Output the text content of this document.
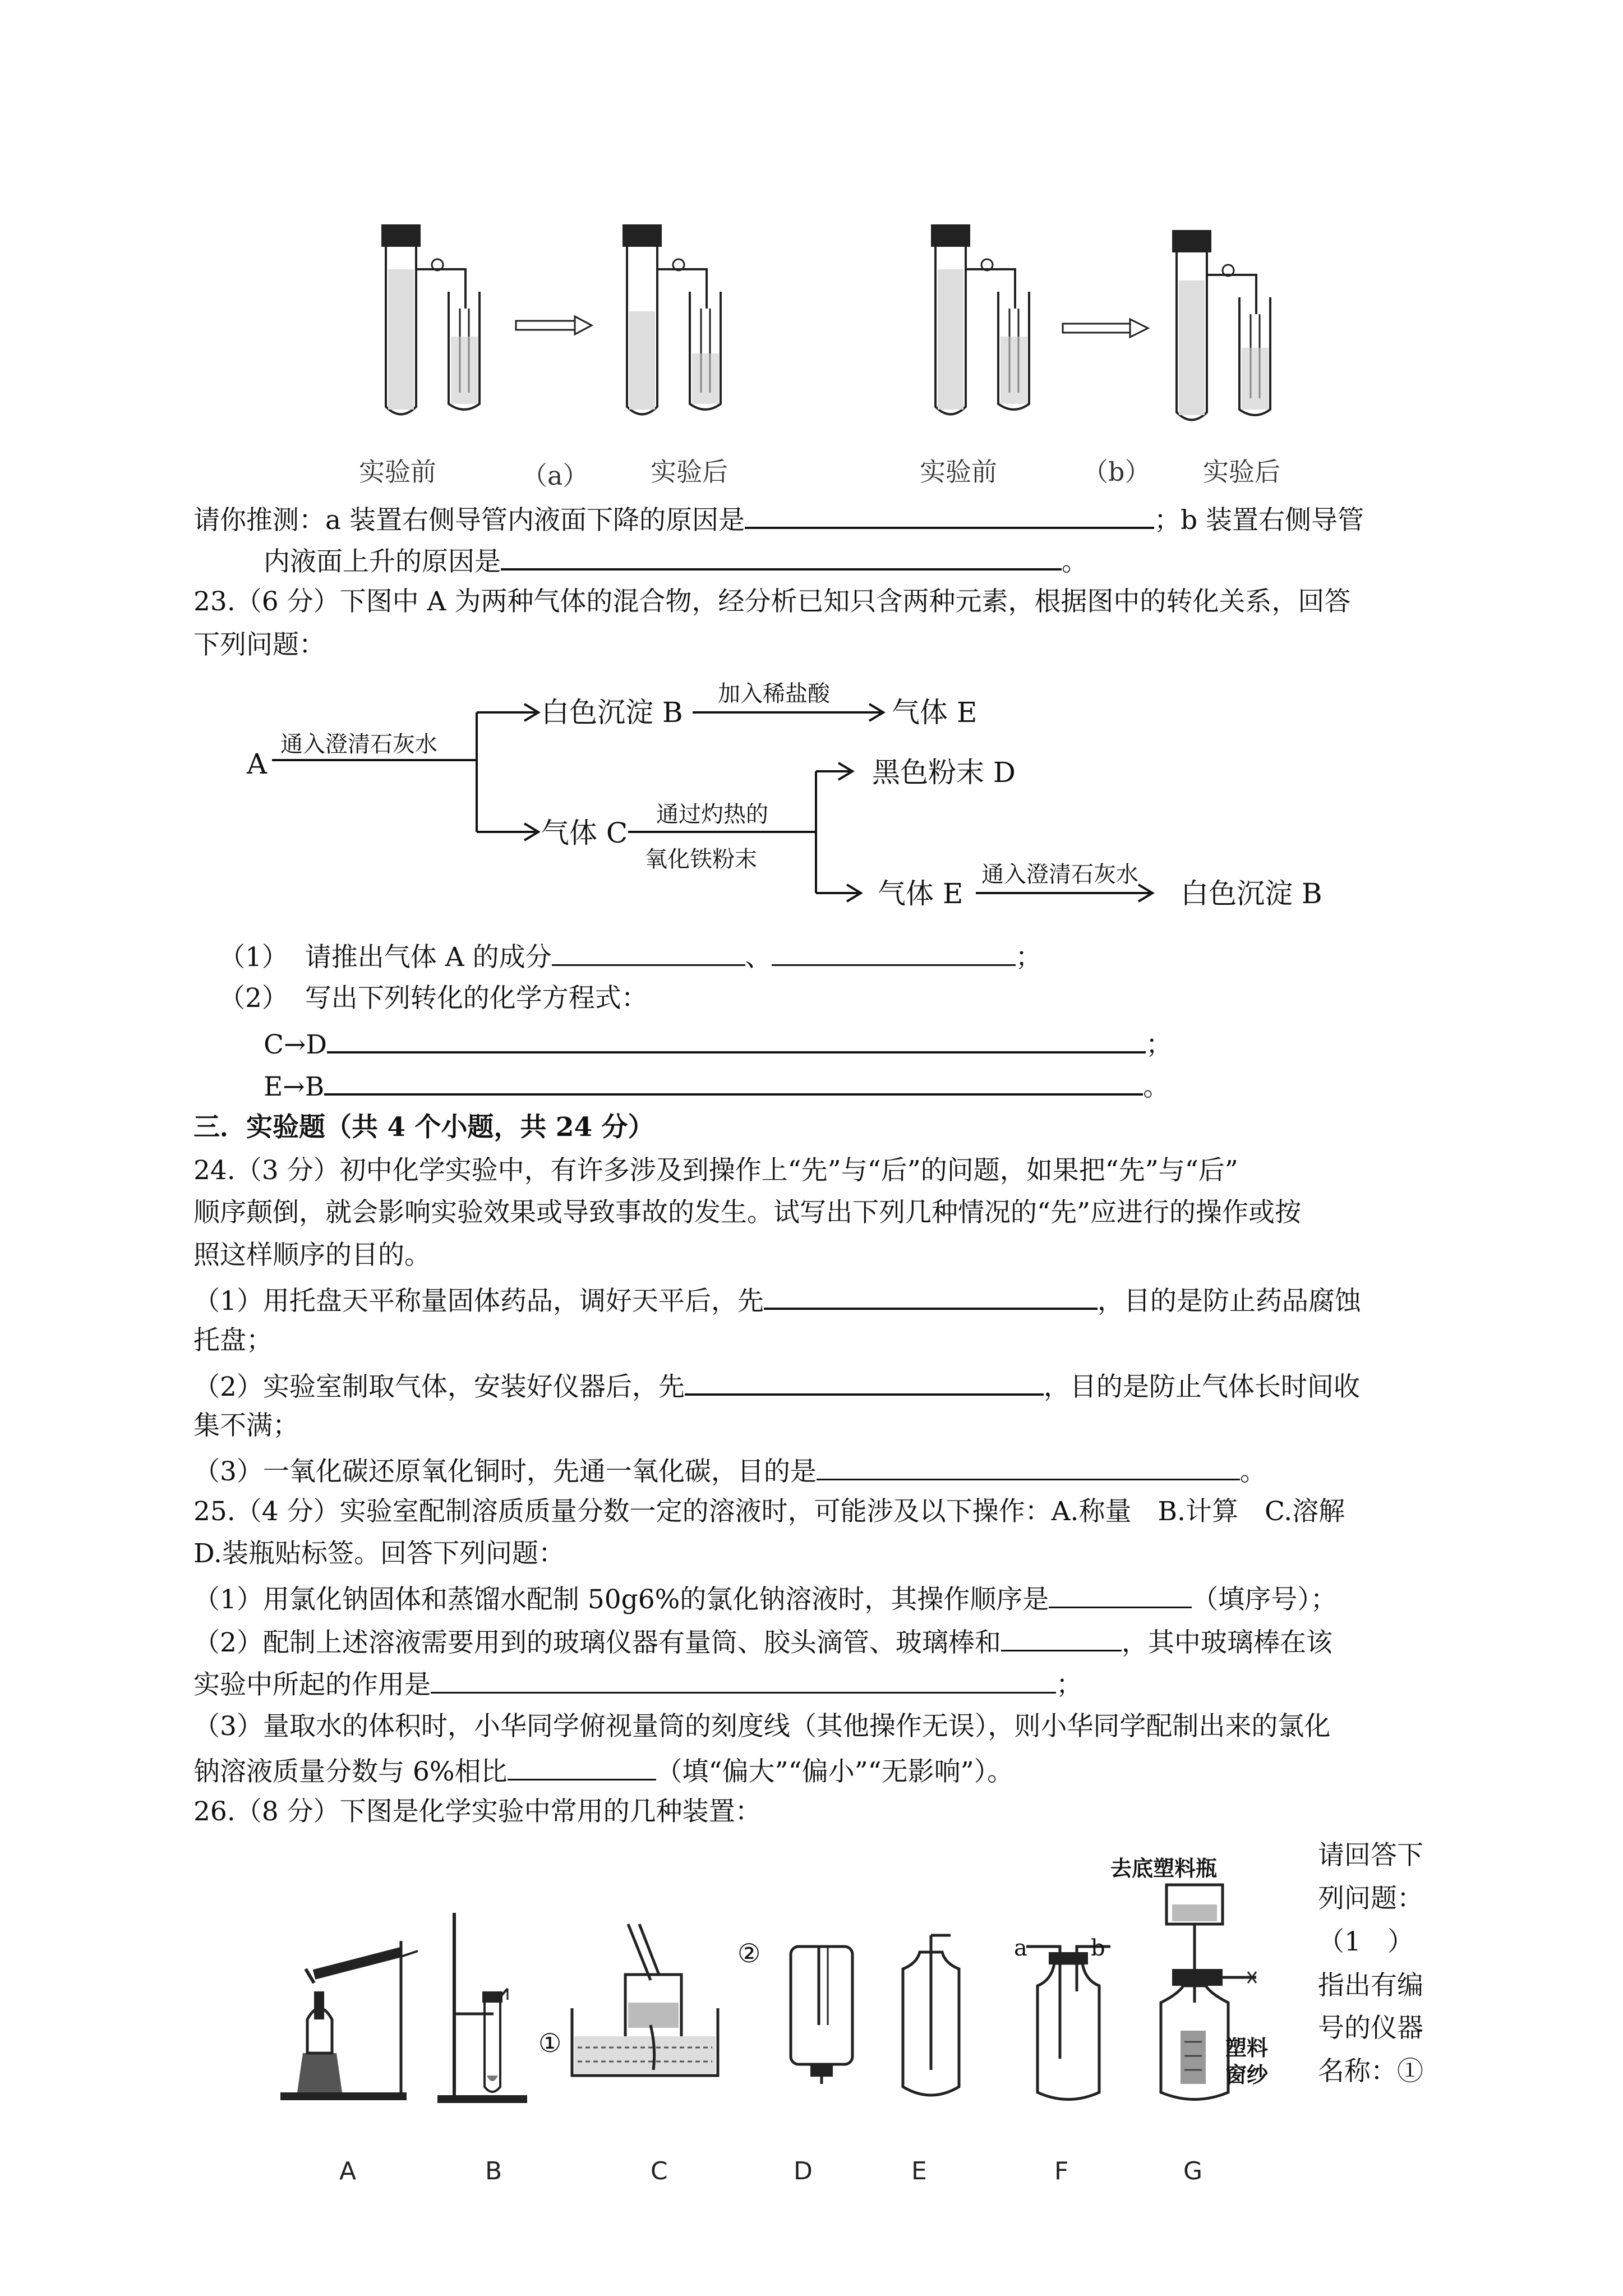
实验前	（a） 实验后	实验前	（b） 实验后
请你推测：a 装置右侧导管内液面下降的原因是	；b 装置右侧导管
内液面上升的原因是	。
23.（6 分）下图中 A 为两种气体的混合物，经分析已知只含两种元素，根据图中的转化关系，回答
下列问题：
A
通入澄清石灰水
白色沉淀 B
加入稀盐酸
气体 E
气体 C
通过灼热的
氧化铁粉末
黑色粉末 D
气体 E
通入澄清石灰水
白色沉淀 B
（1） 请推出气体 A 的成分	、	；
（2） 写出下列转化的化学方程式：
C→D	；
E→B	。
三．实验题（共 4 个小题，共 24 分）
24.（3 分）初中化学实验中，有许多涉及到操作上“先”与“后”的问题，如果把“先”与“后”
顺序颠倒，就会影响实验效果或导致事故的发生。试写出下列几种情况的“先”应进行的操作或按
照这样顺序的目的。
（1）用托盘天平称量固体药品，调好天平后，先	，目的是防止药品腐蚀
托盘；
（2）实验室制取气体，安装好仪器后，先	，目的是防止气体长时间收
集不满；
（3）一氧化碳还原氧化铜时，先通一氧化碳，目的是	。
25.（4 分）实验室配制溶质质量分数一定的溶液时，可能涉及以下操作：A.称量　B.计算　C.溶解
D.装瓶贴标签。回答下列问题：
（1）用氯化钠固体和蒸馏水配制 50g6%的氯化钠溶液时，其操作顺序是	（填序号）；
（2）配制上述溶液需要用到的玻璃仪器有量筒、胶头滴管、玻璃棒和	，其中玻璃棒在该
实验中所起的作用是	；
（3）量取水的体积时，小华同学俯视量筒的刻度线（其他操作无误），则小华同学配制出来的氯化
钠溶液质量分数与 6%相比	（填“偏大”“偏小”“无影响”）。
26.（8 分）下图是化学实验中常用的几种装置：
请回答下
列问题：
（1　）
指出有编
号的仪器
名称：①
A	B
①
C
②
D	E
a	b
F
去底塑料瓶
塑料
窗纱
G
